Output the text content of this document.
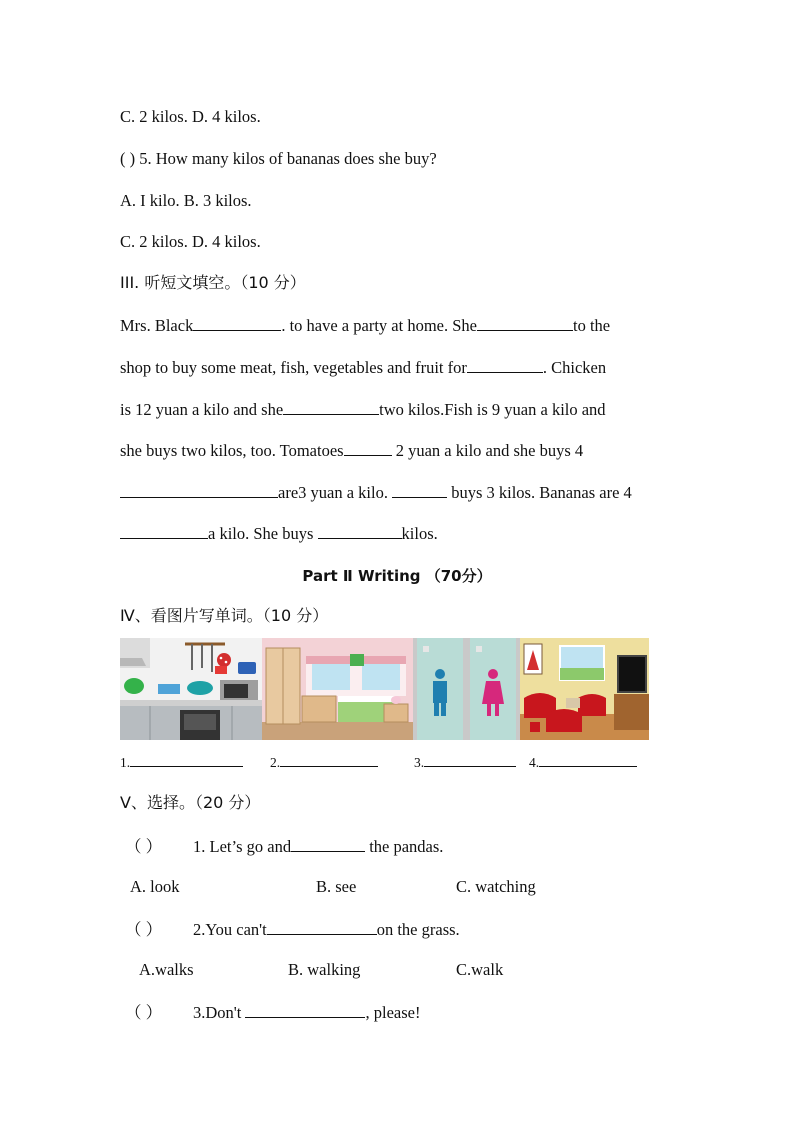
C. 2 kilos. D. 4 kilos.
( ) 5. How many kilos of bananas does she buy?
A. I kilo. B. 3 kilos.
C. 2 kilos. D. 4 kilos.
III. 听短文填空。（10 分）
Mrs. Black	. to have a party at home. She	to the
shop to buy some meat, fish, vegetables and fruit for	. Chicken
is 12 yuan a kilo and she	two kilos.Fish is 9 yuan a kilo and
she buys two kilos, too. Tomatoes	2 yuan a kilo and she buys 4
are3 yuan a kilo.	buys 3 kilos. Bananas are 4
a kilo. She buys	kilos.
Part Ⅱ Writing （70分）
Ⅳ、看图片写单词。（10 分）
1.	2.	3.	4.
Ⅴ、选择。（20 分）
（ ） 1. Let’s go and	the pandas.
A. look	B. see	C. watching
（ ） 2.You can't	on the grass.
A.walks	B. walking	C.walk
（ ） 3.Don't	, please!
